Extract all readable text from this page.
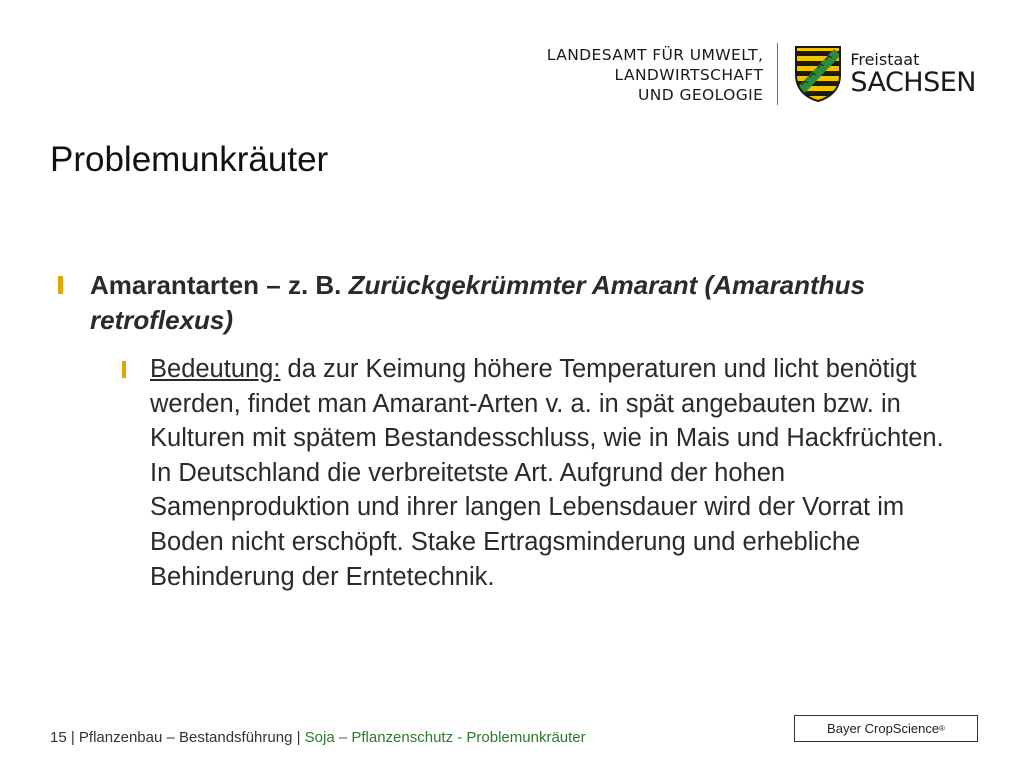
LANDESAMT FÜR UMWELT,
LANDWIRTSCHAFT
UND GEOLOGIE
Freistaat
SACHSEN
Problemunkräuter
Amarantarten – z. B. Zurückgekrümmter Amarant (Amaranthus retroflexus)
Bedeutung: da zur Keimung höhere Temperaturen und licht benötigt werden, findet man Amarant-Arten v. a. in spät angebauten bzw. in Kulturen mit spätem Bestandesschluss, wie in Mais und Hackfrüchten. In Deutschland die verbreitetste Art. Aufgrund der hohen Samenproduktion und ihrer langen Lebensdauer wird der Vorrat im Boden nicht erschöpft. Stake Ertragsminderung und erhebliche Behinderung der Erntetechnik.
15 | Pflanzenbau – Bestandsführung | Soja – Pflanzenschutz - Problemunkräuter
Bayer CropScience ®
